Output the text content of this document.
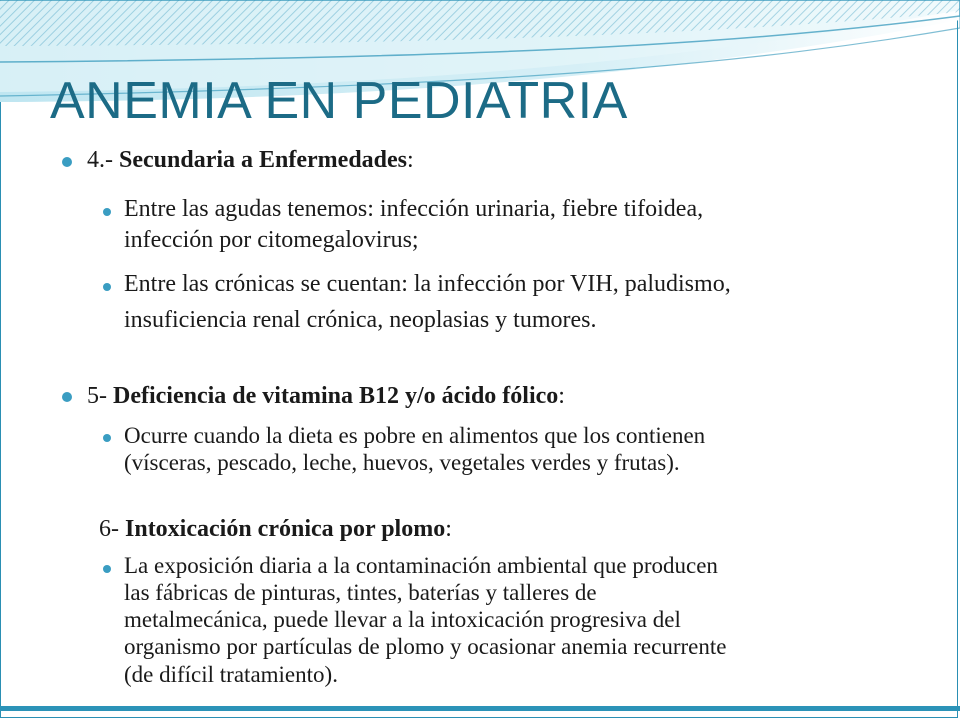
ANEMIA EN PEDIATRIA
4.- Secundaria a Enfermedades:
Entre las agudas tenemos: infección urinaria, fiebre tifoidea,
infección por citomegalovirus;
Entre las crónicas se cuentan: la infección por VIH, paludismo,
insuficiencia renal crónica, neoplasias y tumores.
5- Deficiencia de vitamina B12 y/o ácido fólico:
Ocurre cuando la dieta es pobre en alimentos que los contienen
(vísceras, pescado, leche, huevos, vegetales verdes y frutas).
6- Intoxicación crónica por plomo:
La exposición diaria a la contaminación ambiental que producen
las fábricas de pinturas, tintes, baterías y talleres de
metalmecánica, puede llevar a la intoxicación progresiva del
organismo por partículas de plomo y ocasionar anemia recurrente
(de difícil tratamiento).
